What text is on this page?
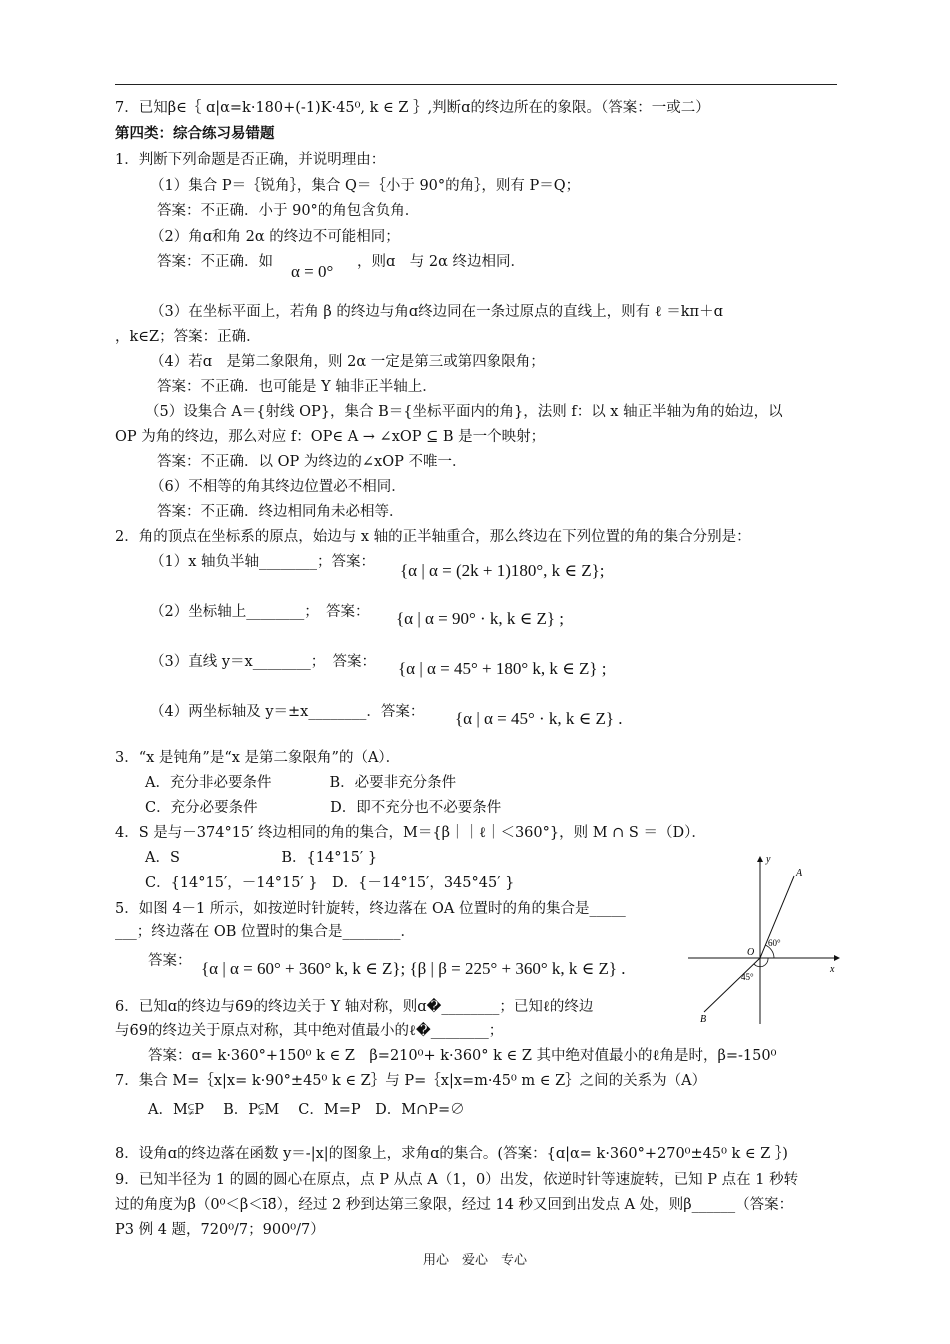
7．已知β∈｛ ɑ|α=k·180+(-1)K·45⁰, k ∈ Z ｝,判断ɑ的终边所在的象限。（答案：一或二）
第四类：综合练习易错题
1．判断下列命题是否正确，并说明理由：
（1）集合 P＝｛锐角｝，集合 Q＝｛小于 90°的角｝，则有 P＝Q；
答案：不正确．小于 90°的角包含负角．
（2）角ɑ和角 2α 的终边不可能相同；
答案：不正确．如 α = 0° ，则ɑ　与 2α 终边相同．
（3）在坐标平面上，若角 β 的终边与角ɑ终边同在一条过原点的直线上，则有 ℓ ＝kπ＋ɑ
，k∈Z；答案：正确．
（4）若ɑ　是第二象限角，则 2α 一定是第三或第四象限角；
答案：不正确．也可能是 Y 轴非正半轴上．
（5）设集合 A＝{射线 OP}，集合 B＝{坐标平面内的角}，法则 f：以 x 轴正半轴为角的始边，以
OP 为角的终边，那么对应 f：OP∈ A → ∠xOP ⊆ B 是一个映射；
答案：不正确．以 OP 为终边的∠xOP 不唯一．
（6）不相等的角其终边位置必不相同．
答案：不正确．终边相同角未必相等．
2．角的顶点在坐标系的原点，始边与 x 轴的正半轴重合，那么终边在下列位置的角的集合分别是：
（1）x 轴负半轴________；答案： {α | α = (2k + 1)180°, k ∈ Z};
（2）坐标轴上________；　答案： {α | α = 90° · k, k ∈ Z} ;
（3）直线 y＝x________；　答案： {α | α = 45° + 180° k, k ∈ Z} ;
（4）两坐标轴及 y＝±x________．答案： {α | α = 45° · k, k ∈ Z} .
3．“x 是钝角”是“x 是第二象限角”的（A）．
A．充分非必要条件　　　　B．必要非充分条件
C．充分必要条件　　　　　D．即不充分也不必要条件
4．S 是与－374°15′ 终边相同的角的集合，M＝{β｜｜ℓ｜＜360°}，则 M ∩ S ＝（D）．
A．S　　　　　　　B．{14°15′ }
C．{14°15′，－14°15′ }　D．{－14°15′，345°45′ }
5．如图 4－1 所示，如按逆时针旋转，终边落在 OA 位置时的角的集合是_____
___；终边落在 OB 位置时的集合是________．
答案： {α | α = 60° + 360° k, k ∈ Z}; {β | β = 225° + 360° k, k ∈ Z} .
y
x
O
A
B
60°
45°
6．已知ɑ的终边与6̄9的终边关于 Y 轴对称，则ɑ�________；已知ℓ的终边
与6̄9的终边关于原点对称，其中绝对值最小的ℓ�________；
答案：ɑ= k·360°+150⁰ k ∈ Z　β=210⁰+ k·360° k ∈ Z 其中绝对值最小的ℓ角是时，β=-150⁰
7．集合 M=｛x|x= k·90°±45⁰ k ∈ Z｝与 P=｛x|x=m·45⁰ m ∈ Z｝之间的关系为（A）
A．M⫋P　 B．P⫋M　 C．M=P　D．M∩P=∅
8．设角ɑ的终边落在函数 y＝-|x|的图象上，求角ɑ的集合。(答案：{ɑ|α= k·360°+270⁰±45⁰ k ∈ Z ｝)
9．已知半径为 1 的圆的圆心在原点，点 P 从点 A（1，0）出发，依逆时针等速旋转，已知 P 点在 1 秒转
过的角度为β（0⁰＜β＜ī8̄），经过 2 秒到达第三象限，经过 14 秒又回到出发点 A 处，则β______（答案：
P3 例 4 题，720⁰/7；900⁰/7）
用心　爱心　专心
